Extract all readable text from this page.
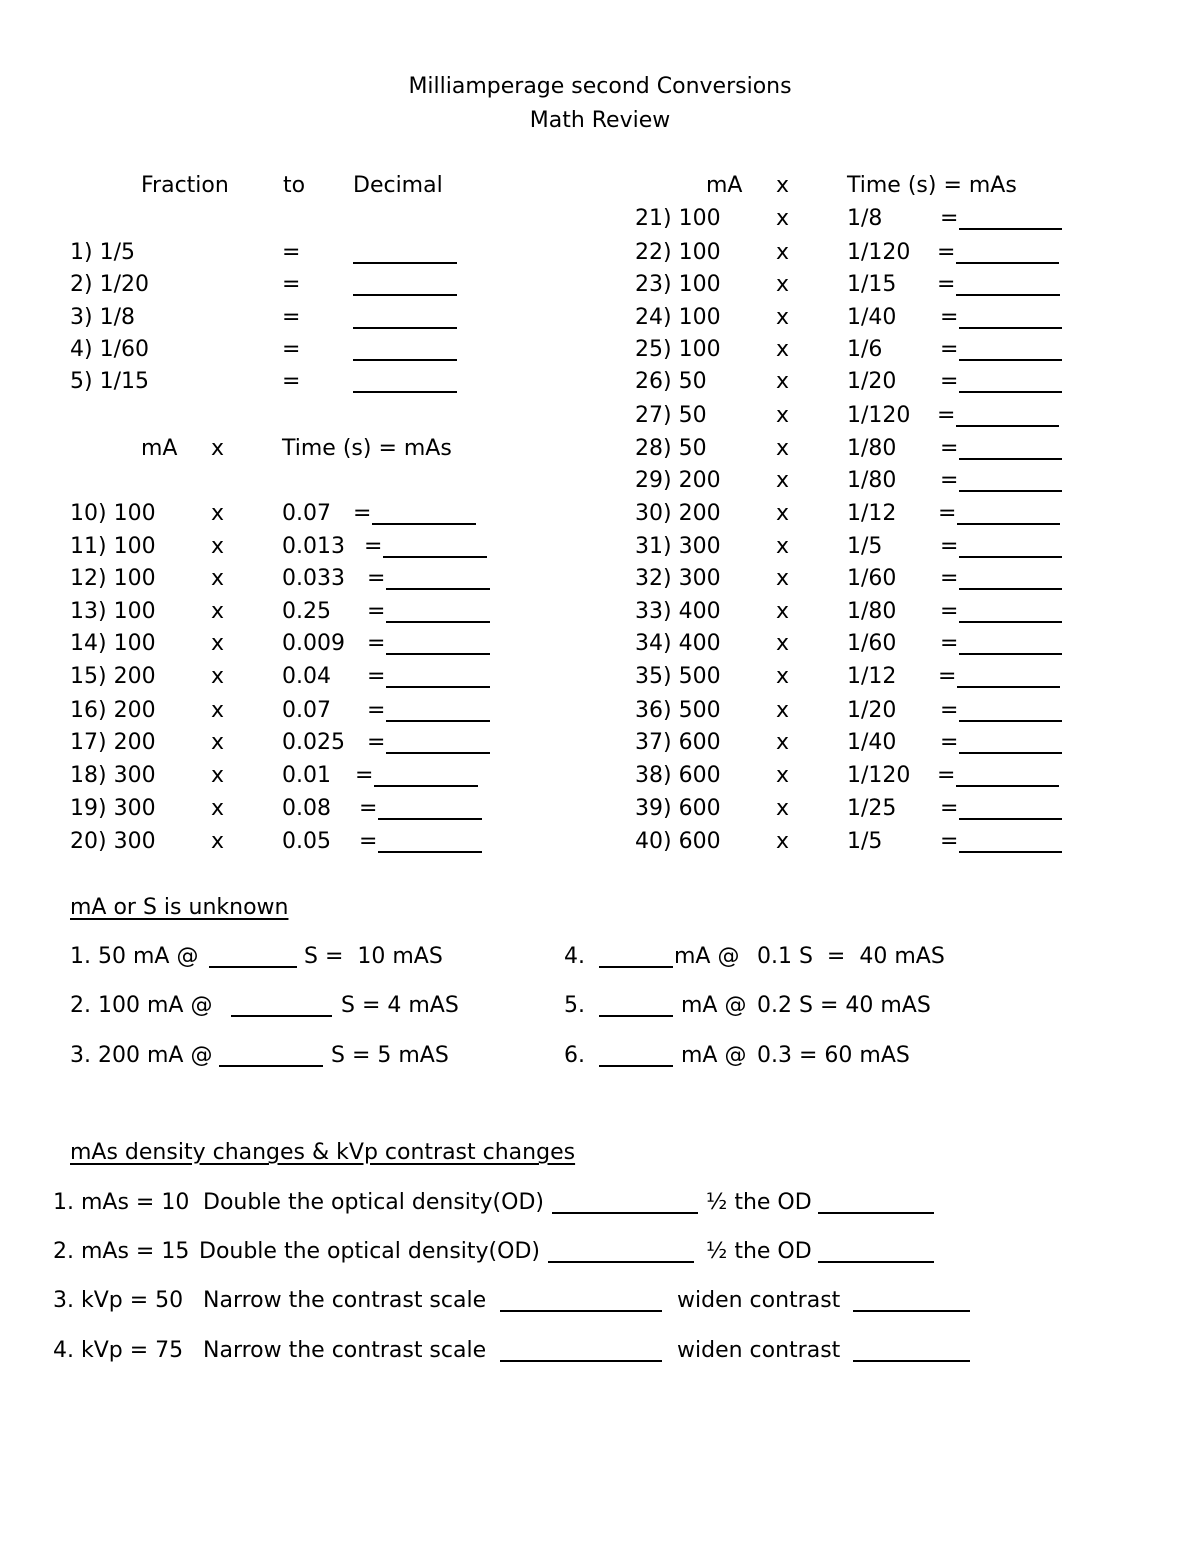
Milliamperage second Conversions
Math Review
Fraction to Decimal
1) 1/5	=
2) 1/20	=
3) 1/8	=
4) 1/60	=
5) 1/15	=
mA x	Time (s) = mAs
10) 100	x	0.07 =
11) 100	x	0.013 =
12) 100	x	0.033 =
13) 100	x	0.25 =
14) 100	x	0.009 =
15) 200	x	0.04 =
16) 200	x	0.07 =
17) 200	x	0.025 =
18) 300	x	0.01 =
19) 300	x	0.08 =
20) 300	x	0.05 =
mA x	Time (s) = mAs
21) 100	x	1/8	=
22) 100	x	1/120 =
23) 100	x	1/15 =
24) 100	x	1/40 =
25) 100	x	1/6	=
26) 50	x	1/20 =
27) 50	x	1/120 =
28) 50	x	1/80 =
29) 200	x	1/80 =
30) 200	x	1/12 =
31) 300	x	1/5	=
32) 300	x	1/60 =
33) 400	x	1/80 =
34) 400	x	1/60 =
35) 500	x	1/12 =
36) 500	x	1/20 =
37) 600	x	1/40 =
38) 600	x	1/120 =
39) 600	x	1/25 =
40) 600	x	1/5	=
mA or S is unknown
1. 50 mA @	S =  10 mAS
2. 100 mA @	S = 4 mAS
3. 200 mA @	S = 5 mAS
4.	mA @ 0.1 S  =  40 mAS
5.	mA @ 0.2 S = 40 mAS
6.	mA @ 0.3 = 60 mAS
mAs density changes & kVp contrast changes
1. mAs = 10 Double the optical density(OD)	½ the OD
2. mAs = 15 Double the optical density(OD)	½ the OD
3. kVp = 50 Narrow the contrast scale	widen contrast
4. kVp = 75 Narrow the contrast scale	widen contrast
